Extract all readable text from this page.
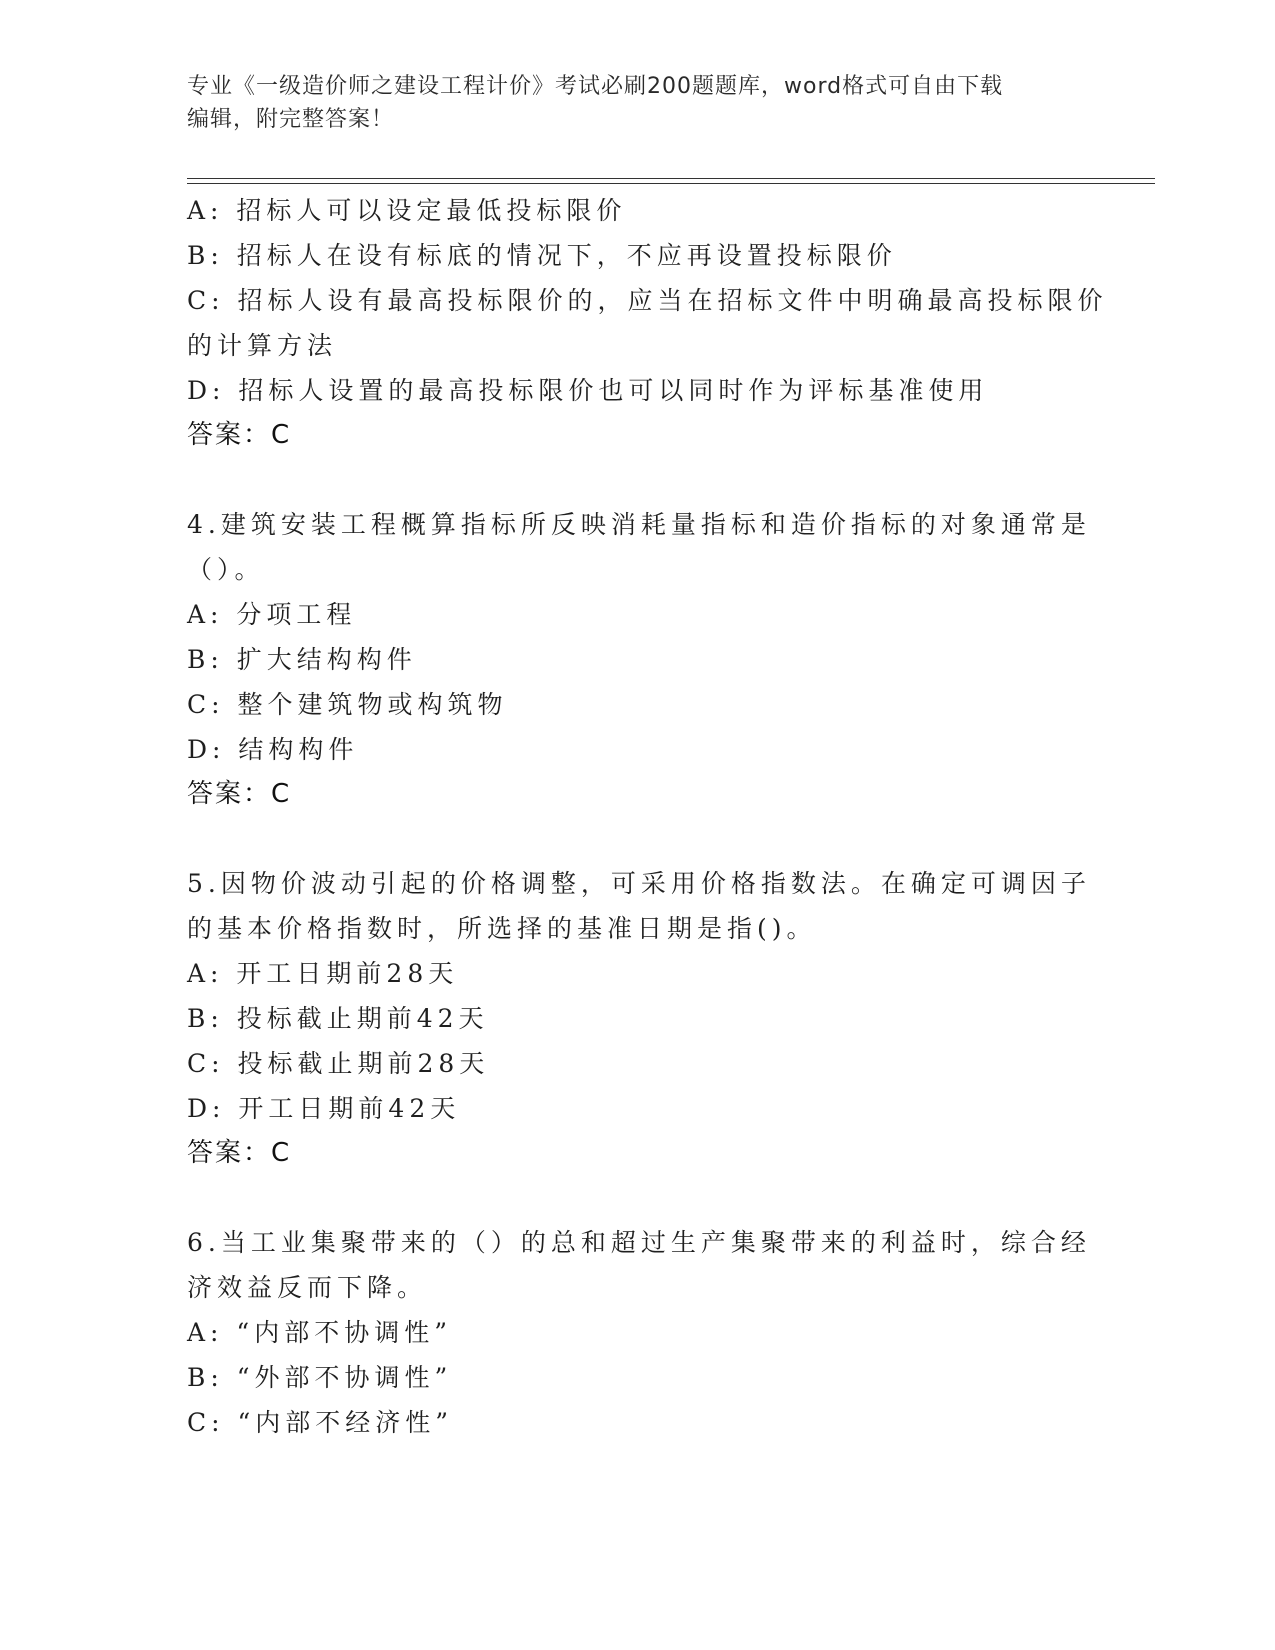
专业《一级造价师之建设工程计价》考试必刷200题题库，word格式可自由下载
编辑，附完整答案！
A: 招标人可以设定最低投标限价
B: 招标人在设有标底的情况下，不应再设置投标限价
C: 招标人设有最高投标限价的，应当在招标文件中明确最高投标限价
的计算方法
D: 招标人设置的最高投标限价也可以同时作为评标基准使用
答案：C
4.建筑安装工程概算指标所反映消耗量指标和造价指标的对象通常是
（）。
A: 分项工程
B: 扩大结构构件
C: 整个建筑物或构筑物
D: 结构构件
答案：C
5.因物价波动引起的价格调整，可采用价格指数法。在确定可调因子
的基本价格指数时，所选择的基准日期是指()。
A: 开工日期前28天
B: 投标截止期前42天
C: 投标截止期前28天
D: 开工日期前42天
答案：C
6.当工业集聚带来的（）的总和超过生产集聚带来的利益时，综合经
济效益反而下降。
A: “内部不协调性”
B: “外部不协调性”
C: “内部不经济性”
